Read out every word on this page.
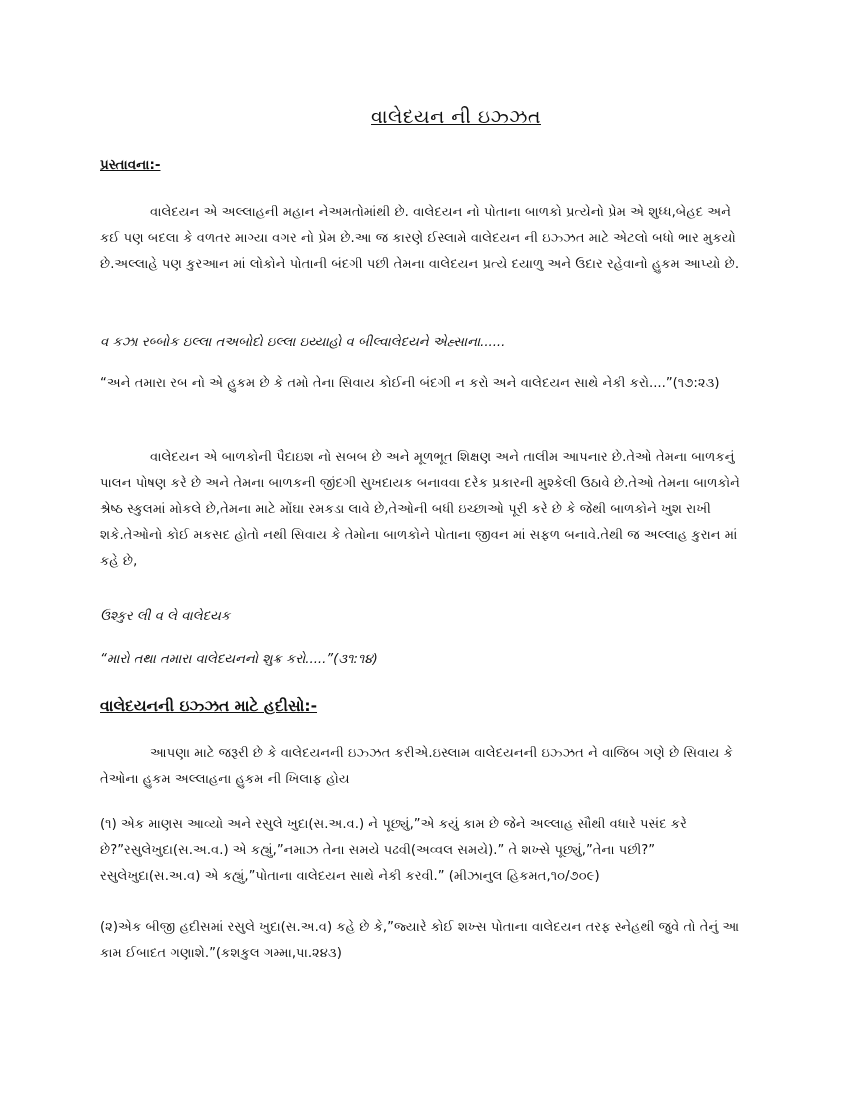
વાલેદયન ની ઇઝ્ઝત
પ્રસ્તાવના:-

વાલેદયન એ અલ્લાહની મહાન નેઅમતોમાંથી છે. વાલેદયન નો પોતાના બાળકો પ્રત્યેનો પ્રેમ એ શુધ્ધ,બેહદ અને કઈ પણ બદલા કે વળતર માગ્યા વગર નો પ્રેમ છે.આ જ કારણે ઈસ્લામે વાલેદયન ની ઇઝ્ઝત માટે એટલો બધો ભાર મુકયો છે.અલ્લાહે પણ કુરઆન માં લોકોને પોતાની બંદગી પછી તેમના વાલેદયન પ્રત્યે દયાળુ અને ઉદાર રહેવાનો હુકમ આપ્યો છે.

વ કઝા રબ્બોક ઇલ્લા તઅબોદો ઇલ્લા ઇય્યાહો વ બીલ્વાલેદયને એહ્સાના......

“અને તમારા રબ નો એ હુકમ છે કે તમો તેના સિવાય કોઈની બંદગી ન કરો અને વાલેદયન સાથે નેકી કરો....”(૧૭:૨૩)

વાલેદયન એ બાળકોની પૈદાઇશ નો સબબ છે અને મૂળભૂત શિક્ષણ અને તાલીમ આપનાર છે.તેઓ તેમના બાળકનું પાલન પોષણ કરે છે અને તેમના બાળકની જીંદગી સુખદાયક બનાવવા દરેક પ્રકારની મુશ્કેલી ઉઠાવે છે.તેઓ તેમના બાળકોને શ્રેષ્ઠ સ્કુલમાં મોકલે છે,તેમના માટે મોંઘા રમકડા લાવે છે,તેઓની બધી ઇચ્છાઓ પૂરી કરે છે કે જેથી બાળકોને ખુશ રાખી શકે.તેઓનો કોઈ મકસદ હોતો નથી સિવાય કે તેમોના બાળકોને પોતાના જીવન માં સફળ બનાવે.તેથી જ અલ્લાહ કુરાન માં કહે છે,

ઉશ્કુર લી વ લે વાલેદયક

“મારો તથા તમારા વાલેદયનનો શુક્ર કરો.....”(૩૧:૧૪)

વાલેદયનની ઇઝ્ઝત માટે હદીસો:-

આપણા માટે જરૂરી છે કે વાલેદયનની ઇઝ્ઝત કરીએ.ઇસ્લામ વાલેદયનની ઇઝ્ઝત ને વાજિબ ગણે છે સિવાય કે તેઓના હુકમ અલ્લાહના હુકમ ની ખિલાફ હોય

(૧) એક માણસ આવ્યો અને રસુલે ખુદા(સ.અ.વ.) ને પૂછ્યું,”એ કયું કામ છે જેને અલ્લાહ સૌથી વધારે પસંદ કરે છે?”રસુલેખુદા(સ.અ.વ.) એ કહ્યું,”નમાઝ તેના સમયે પઢવી(અવ્વલ સમયે).” તે શખ્સે પૂછ્યું,”તેના પછી?” રસુલેખુદા(સ.અ.વ) એ કહ્યું,”પોતાના વાલેદયન સાથે નેકી કરવી.” (મીઝાનુલ હિકમત,૧૦/૭૦૯)

(૨)એક બીજી હદીસમાં રસુલે ખુદા(સ.અ.વ) કહે છે કે,”જ્યારે કોઈ શખ્સ પોતાના વાલેદયન તરફ સ્નેહથી જુવે તો તેનું આ કામ ઈબાદત ગણાશે.”(કશકુલ ગમ્મા,પા.૨૪૩)
